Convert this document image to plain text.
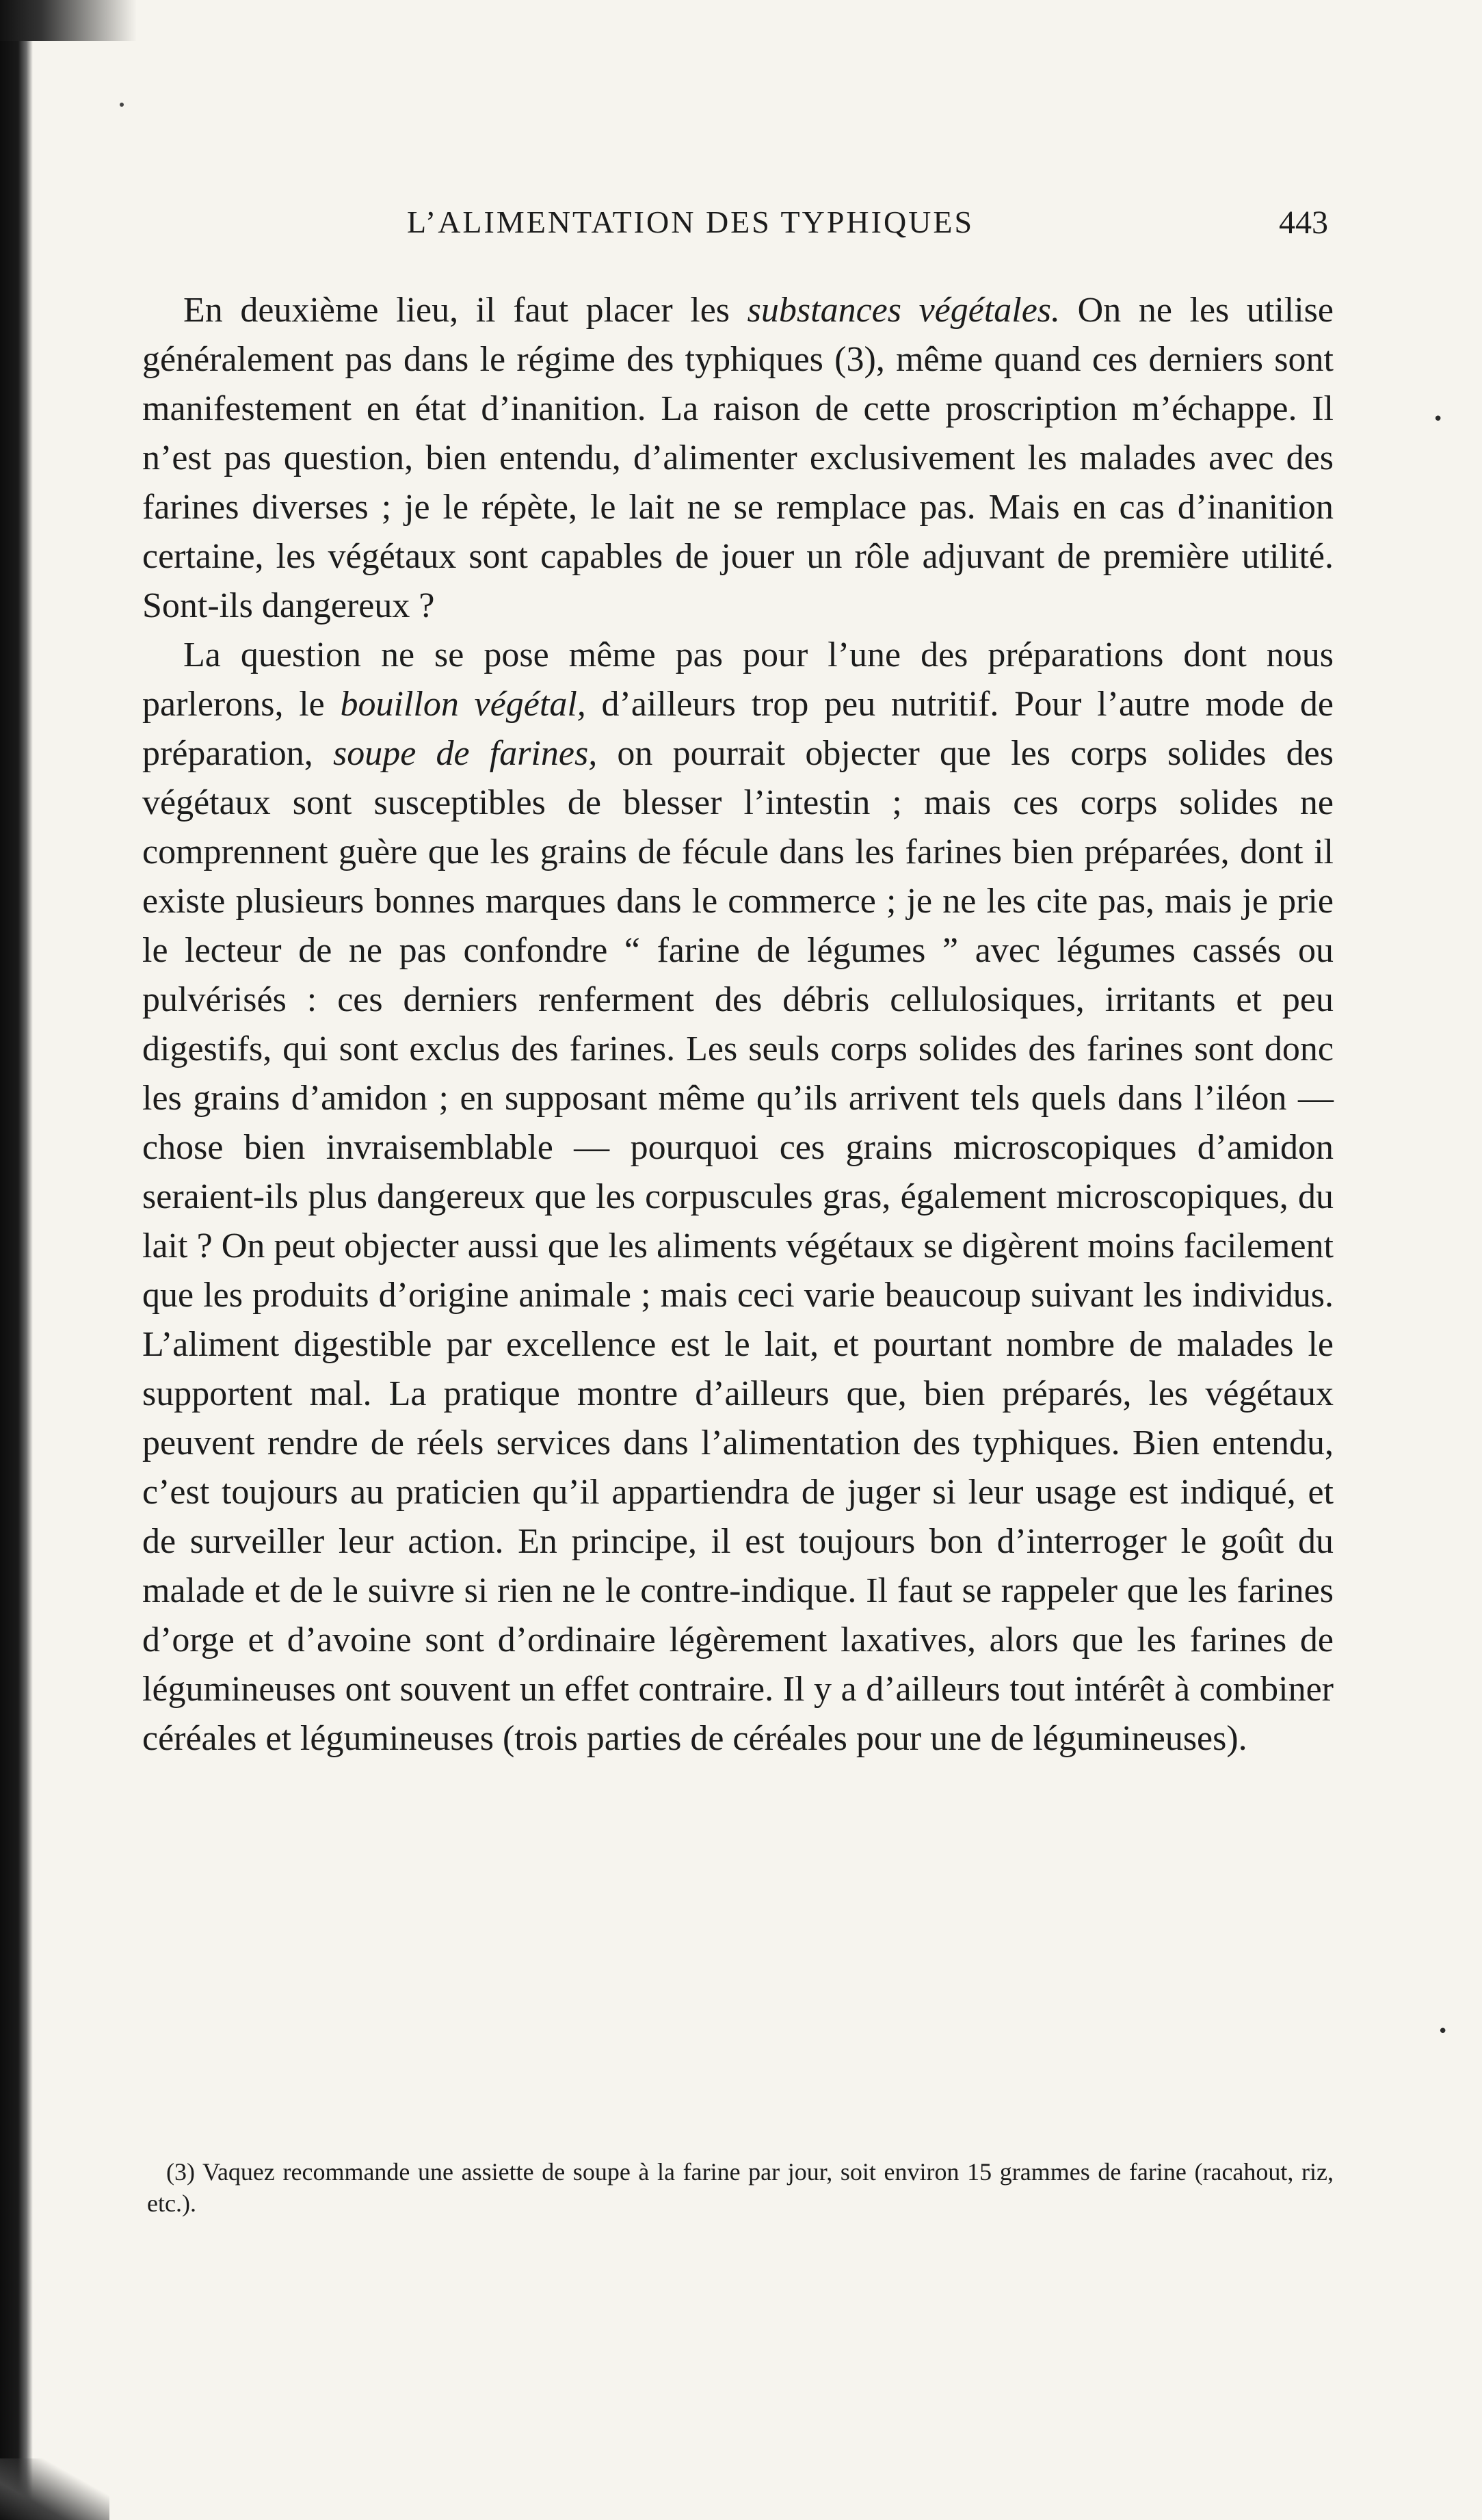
L’ALIMENTATION DES TYPHIQUES	443

En deuxième lieu, il faut placer les substances végétales. On ne les utilise généralement pas dans le régime des typhiques (3), même quand ces derniers sont manifestement en état d’inanition. La raison de cette proscription m’échappe. Il n’est pas question, bien entendu, d’alimenter exclusivement les malades avec des farines diverses ; je le répète, le lait ne se remplace pas. Mais en cas d’inanition certaine, les végétaux sont capables de jouer un rôle adjuvant de première utilité. Sont-ils dangereux ?

La question ne se pose même pas pour l’une des préparations dont nous parlerons, le bouillon végétal, d’ailleurs trop peu nutritif. Pour l’autre mode de préparation, soupe de farines, on pourrait objecter que les corps solides des végétaux sont susceptibles de blesser l’intestin ; mais ces corps solides ne comprennent guère que les grains de fécule dans les farines bien préparées, dont il existe plusieurs bonnes marques dans le commerce ; je ne les cite pas, mais je prie le lecteur de ne pas confondre “ farine de légumes ” avec légumes cassés ou pulvérisés : ces derniers renferment des débris cellulosiques, irritants et peu digestifs, qui sont exclus des farines. Les seuls corps solides des farines sont donc les grains d’amidon ; en supposant même qu’ils arrivent tels quels dans l’iléon — chose bien invraisemblable — pourquoi ces grains microscopiques d’amidon seraient-ils plus dangereux que les corpuscules gras, également microscopiques, du lait ? On peut objecter aussi que les aliments végétaux se digèrent moins facilement que les produits d’origine animale ; mais ceci varie beaucoup suivant les individus. L’aliment digestible par excellence est le lait, et pourtant nombre de malades le supportent mal. La pratique montre d’ailleurs que, bien préparés, les végétaux peuvent rendre de réels services dans l’alimentation des typhiques. Bien entendu, c’est toujours au praticien qu’il appartiendra de juger si leur usage est indiqué, et de surveiller leur action. En principe, il est toujours bon d’interroger le goût du malade et de le suivre si rien ne le contre-indique. Il faut se rappeler que les farines d’orge et d’avoine sont d’ordinaire légèrement laxatives, alors que les farines de légumineuses ont souvent un effet contraire. Il y a d’ailleurs tout intérêt à combiner céréales et légumineuses (trois parties de céréales pour une de légumineuses).

(3) Vaquez recommande une assiette de soupe à la farine par jour, soit environ 15 grammes de farine (racahout, riz, etc.).
•
•
